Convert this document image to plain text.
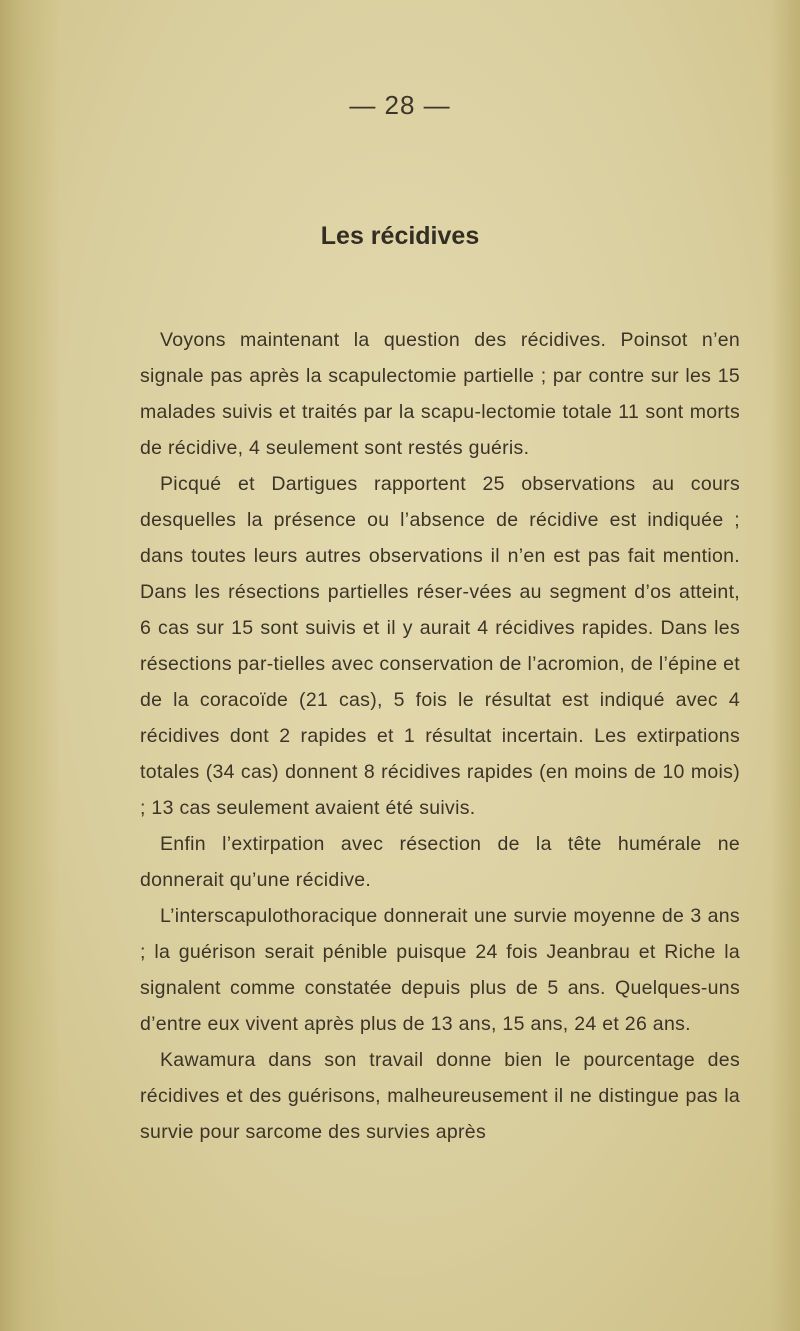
— 28 —
Les récidives

Voyons maintenant la question des récidives. Poinsot n’en signale pas après la scapulectomie partielle ; par contre sur les 15 malades suivis et traités par la scapu-lectomie totale 11 sont morts de récidive, 4 seulement sont restés guéris.

Picqué et Dartigues rapportent 25 observations au cours desquelles la présence ou l’absence de récidive est indiquée ; dans toutes leurs autres observations il n’en est pas fait mention. Dans les résections partielles réser-vées au segment d’os atteint, 6 cas sur 15 sont suivis et il y aurait 4 récidives rapides. Dans les résections par-tielles avec conservation de l’acromion, de l’épine et de la coracoïde (21 cas), 5 fois le résultat est indiqué avec 4 récidives dont 2 rapides et 1 résultat incertain. Les extirpations totales (34 cas) donnent 8 récidives rapides (en moins de 10 mois) ; 13 cas seulement avaient été suivis.

Enfin l’extirpation avec résection de la tête humérale ne donnerait qu’une récidive.

L’interscapulothoracique donnerait une survie moyenne de 3 ans ; la guérison serait pénible puisque 24 fois Jeanbrau et Riche la signalent comme constatée depuis plus de 5 ans. Quelques-uns d’entre eux vivent après plus de 13 ans, 15 ans, 24 et 26 ans.

Kawamura dans son travail donne bien le pourcentage des récidives et des guérisons, malheureusement il ne distingue pas la survie pour sarcome des survies après
